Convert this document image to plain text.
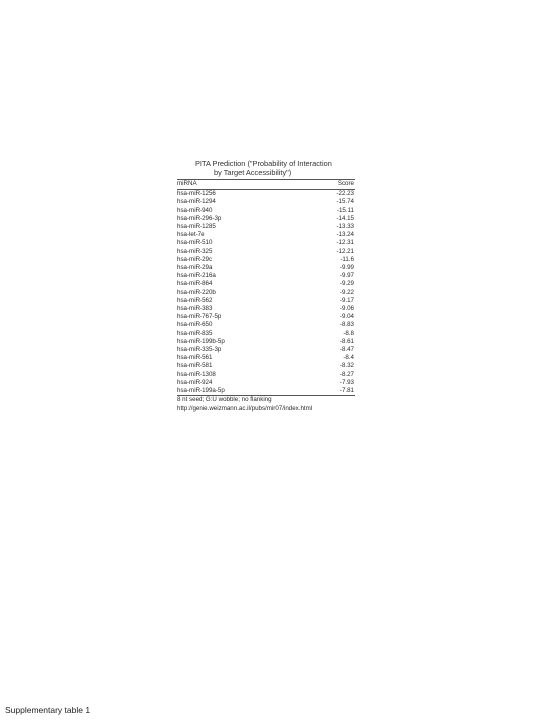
PITA Prediction ("Probability of Interaction
by Target Accessibility")
miRNA	Score
hsa-miR-1256	-22.23
hsa-miR-1294	-15.74
hsa-miR-940	-15.11
hsa-miR-296-3p	-14.15
hsa-miR-1285	-13.33
hsa-let-7e	-13.24
hsa-miR-510	-12.31
hsa-miR-325	-12.21
hsa-miR-29c	-11.6
hsa-miR-29a	-9.99
hsa-miR-216a	-9.97
hsa-miR-864	-9.29
hsa-miR-220b	-9.22
hsa-miR-562	-9.17
hsa-miR-383	-9.06
hsa-miR-767-5p	-9.04
hsa-miR-650	-8.83
hsa-miR-835	-8.8
hsa-miR-199b-5p	-8.61
hsa-miR-335-3p	-8.47
hsa-miR-561	-8.4
hsa-miR-581	-8.32
hsa-miR-1308	-8.27
hsa-miR-924	-7.93
hsa-miR-199a-5p	-7.81
8 nt seed; G:U wobble; no flanking
http://genie.weizmann.ac.il/pubs/mir07/index.html
Supplementary table 1
